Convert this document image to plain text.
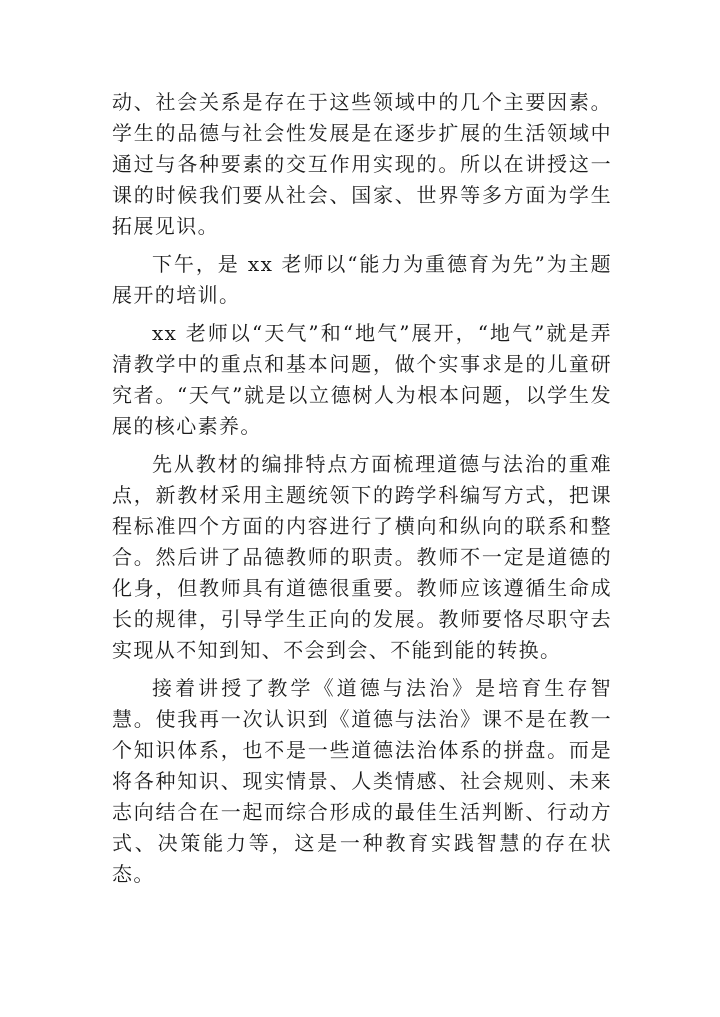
动、社会关系是存在于这些领域中的几个主要因素。学生的品德与社会性发展是在逐步扩展的生活领域中通过与各种要素的交互作用实现的。所以在讲授这一课的时候我们要从社会、国家、世界等多方面为学生拓展见识。

下午，是 xx 老师以“能力为重德育为先”为主题展开的培训。

xx 老师以“天气”和“地气”展开，“地气”就是弄清教学中的重点和基本问题，做个实事求是的儿童研究者。“天气”就是以立德树人为根本问题，以学生发展的核心素养。

先从教材的编排特点方面梳理道德与法治的重难点，新教材采用主题统领下的跨学科编写方式，把课程标准四个方面的内容进行了横向和纵向的联系和整合。然后讲了品德教师的职责。教师不一定是道德的化身，但教师具有道德很重要。教师应该遵循生命成长的规律，引导学生正向的发展。教师要恪尽职守去实现从不知到知、不会到会、不能到能的转换。

接着讲授了教学《道德与法治》是培育生存智慧。使我再一次认识到《道德与法治》课不是在教一个知识体系，也不是一些道德法治体系的拼盘。而是将各种知识、现实情景、人类情感、社会规则、未来志向结合在一起而综合形成的最佳生活判断、行动方式、决策能力等，这是一种教育实践智慧的存在状态。
